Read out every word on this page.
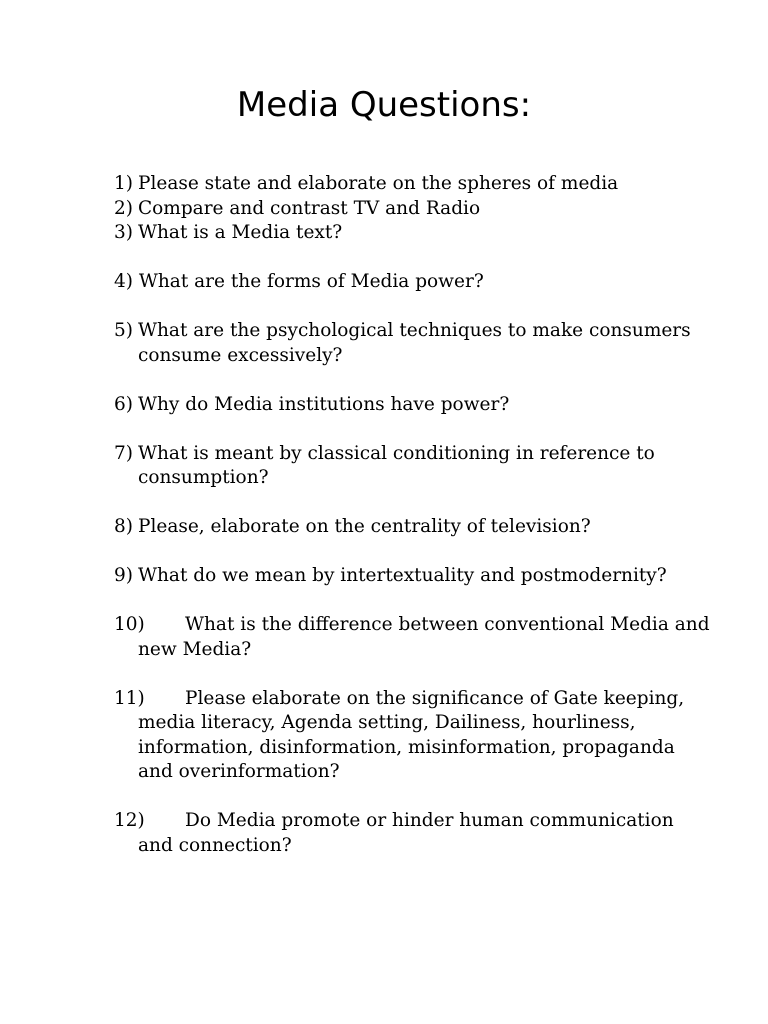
Media Questions:
1) Please state and elaborate on the spheres of media
2) Compare and contrast TV and Radio
3) What is a Media text?
4) What are the forms of Media power?
5) What are the psychological techniques to make consumers consume excessively?
6) Why do Media institutions have power?
7) What is meant by classical conditioning in reference to consumption?
8) Please, elaborate on the centrality of television?
9) What do we mean by intertextuality and postmodernity?
10)	What is the difference between conventional Media and new Media?
11)	Please elaborate on the significance of Gate keeping, media literacy, Agenda setting, Dailiness, hourliness, information, disinformation, misinformation, propaganda and overinformation?
12)	Do Media promote or hinder human communication and connection?
